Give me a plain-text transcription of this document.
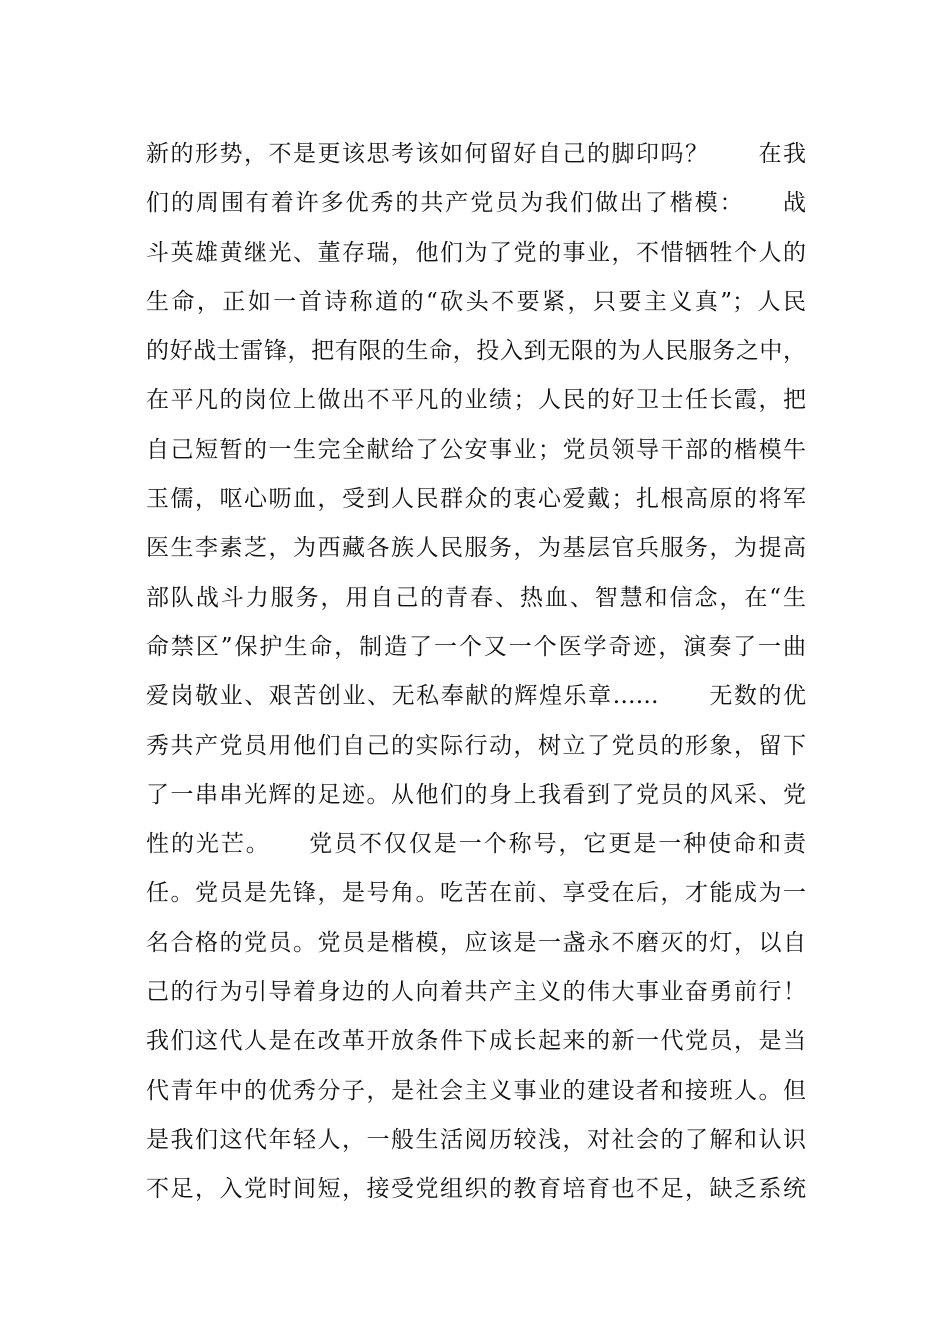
新的形势，不是更该思考该如何留好自己的脚印吗？　　在我
们的周围有着许多优秀的共产党员为我们做出了楷模：　　战
斗英雄黄继光、董存瑞，他们为了党的事业，不惜牺牲个人的
生命，正如一首诗称道的“砍头不要紧，只要主义真”；人民
的好战士雷锋，把有限的生命，投入到无限的为人民服务之中，
在平凡的岗位上做出不平凡的业绩；人民的好卫士任长霞，把
自己短暂的一生完全献给了公安事业；党员领导干部的楷模牛
玉儒，呕心呖血，受到人民群众的衷心爱戴；扎根高原的将军
医生李素芝，为西藏各族人民服务，为基层官兵服务，为提高
部队战斗力服务，用自己的青春、热血、智慧和信念，在“生
命禁区”保护生命，制造了一个又一个医学奇迹，演奏了一曲
爱岗敬业、艰苦创业、无私奉献的辉煌乐章……　　无数的优
秀共产党员用他们自己的实际行动，树立了党员的形象，留下
了一串串光辉的足迹。从他们的身上我看到了党员的风采、党
性的光芒。　　党员不仅仅是一个称号，它更是一种使命和责
任。党员是先锋，是号角。吃苦在前、享受在后，才能成为一
名合格的党员。党员是楷模，应该是一盏永不磨灭的灯，以自
己的行为引导着身边的人向着共产主义的伟大事业奋勇前行！
我们这代人是在改革开放条件下成长起来的新一代党员，是当
代青年中的优秀分子，是社会主义事业的建设者和接班人。但
是我们这代年轻人，一般生活阅历较浅，对社会的了解和认识
不足，入党时间短，接受党组织的教育培育也不足，缺乏系统
